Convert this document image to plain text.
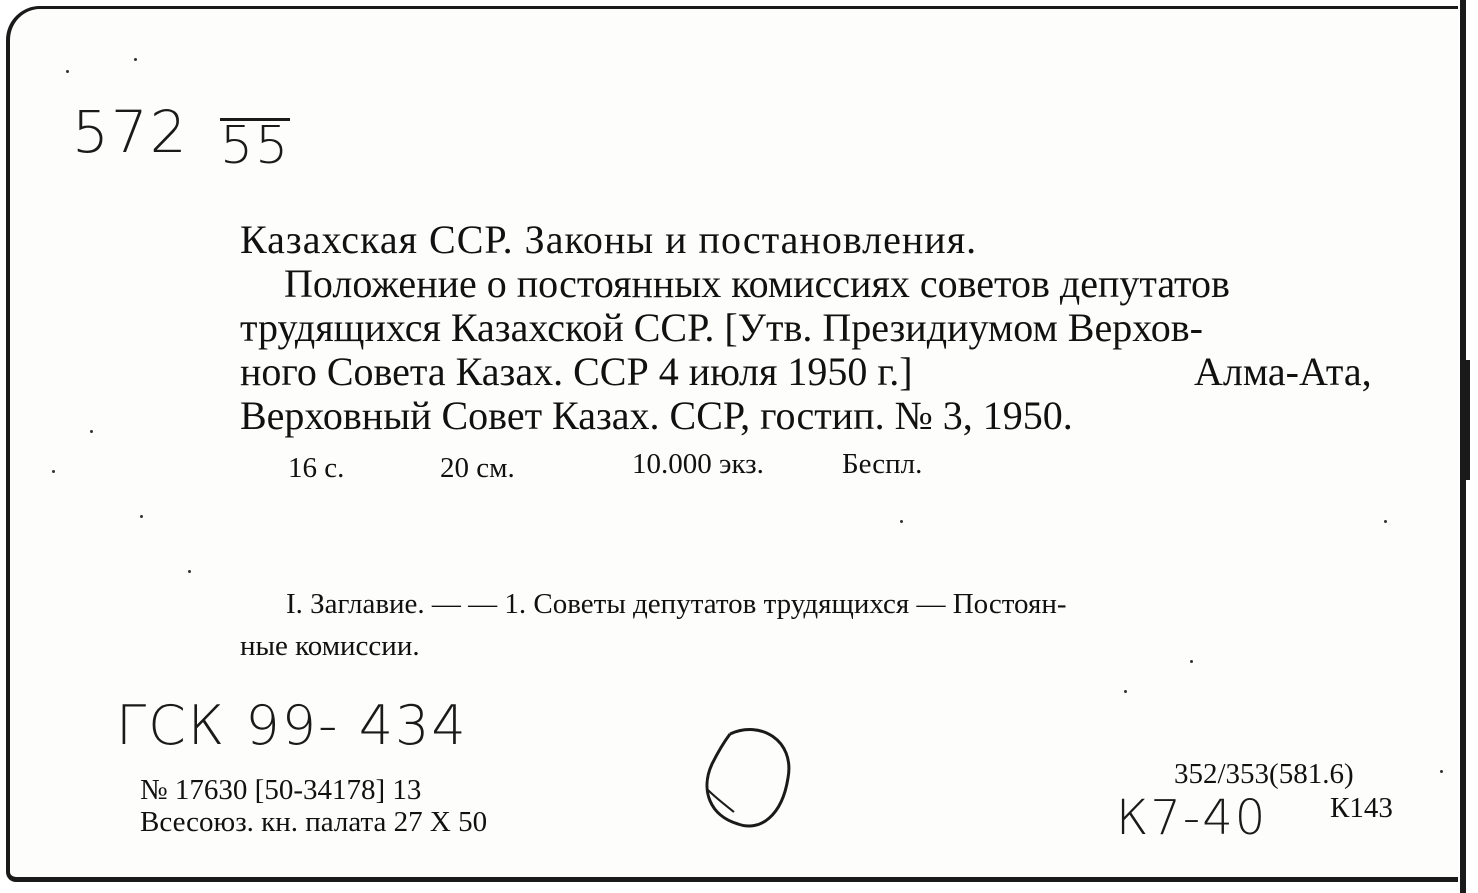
572 55
Казахская ССР. Законы и постановления.
Положение о постоянных комиссиях советов депутатов
трудящихся Казахской ССР. [Утв. Президиумом Верхов-
ного Совета Казах. ССР 4 июля 1950 г.]	Алма-Ата,
Верховный Совет Казах. ССР, гостип. № 3, 1950.
16 с.	20 см.	10.000 экз.	Беспл.
I. Заглавие. — — 1. Советы депутатов трудящихся — Постоян-
ные комиссии.
ГСК 99- 434
№ 17630 [50-34178] 13
Всесоюз. кн. палата 27 X 50
352/353(581.6)
К7-40 К143
